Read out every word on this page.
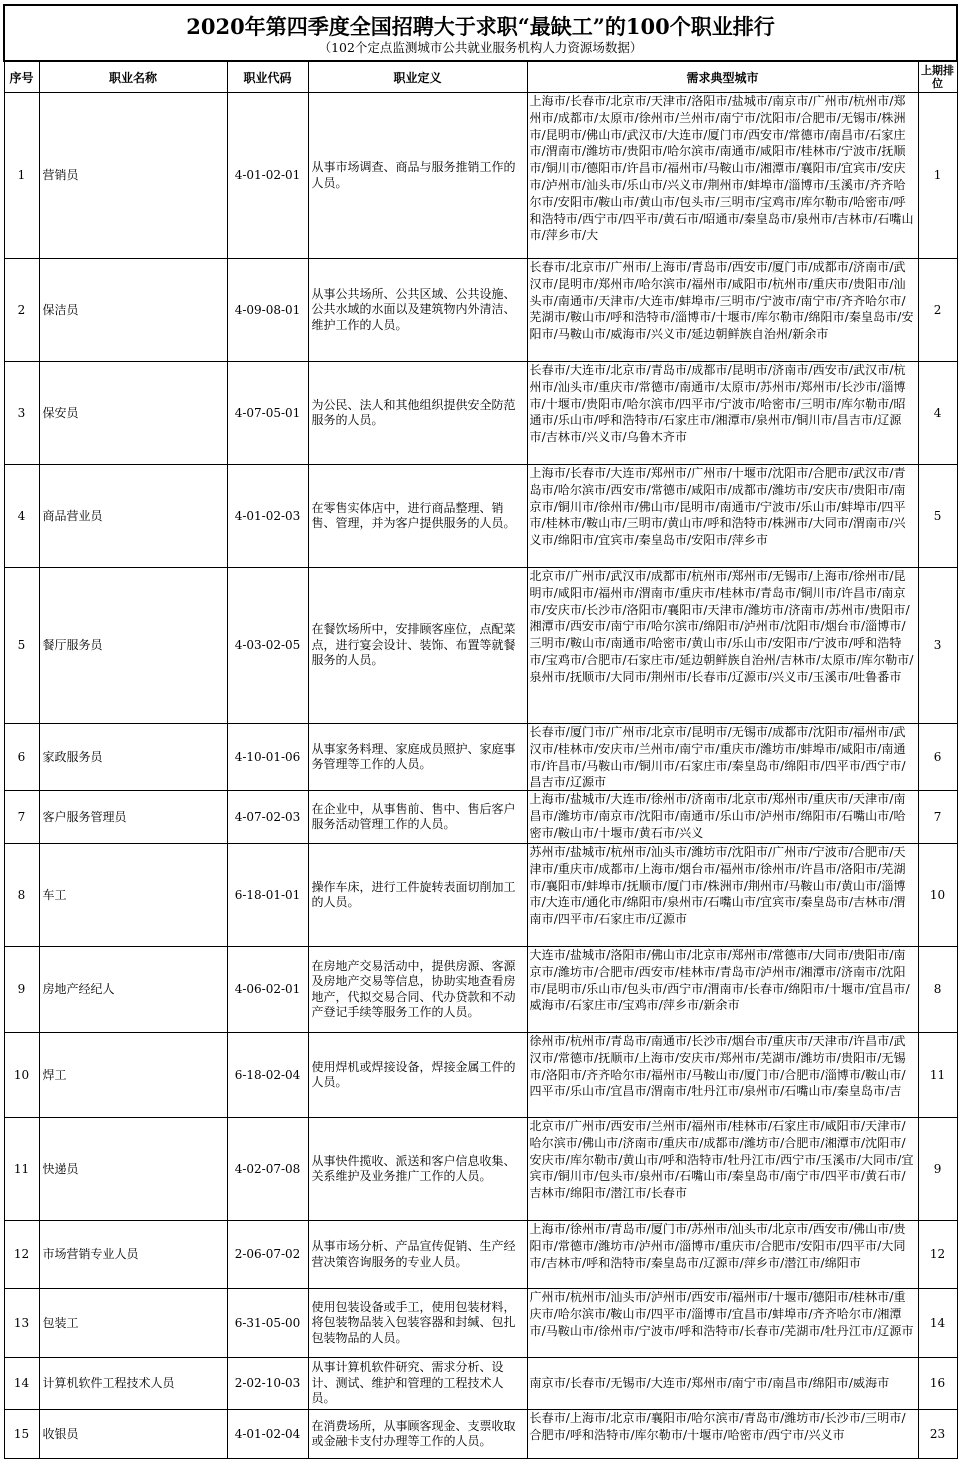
2020年第四季度全国招聘大于求职“最缺工”的100个职业排行
（102个定点监测城市公共就业服务机构人力资源场数据）					

序号	职业名称	职业代码	职业定义	需求典型城市	上期排位
1	营销员	4-01-02-01	从事市场调查、商品与服务推销工作的人员。	上海市/长春市/北京市/天津市/洛阳市/盐城市/南京市/广州市/杭州市/郑州市/成都市/太原市/徐州市/兰州市/南宁市/沈阳市/合肥市/无锡市/株洲市/昆明市/佛山市/武汉市/大连市/厦门市/西安市/常德市/南昌市/石家庄市/渭南市/潍坊市/贵阳市/哈尔滨市/南通市/咸阳市/桂林市/宁波市/抚顺市/铜川市/德阳市/许昌市/福州市/马鞍山市/湘潭市/襄阳市/宜宾市/安庆市/泸州市/汕头市/乐山市/兴义市/荆州市/蚌埠市/淄博市/玉溪市/齐齐哈尔市/安阳市/鞍山市/黄山市/包头市/三明市/宝鸡市/库尔勒市/哈密市/呼和浩特市/西宁市/四平市/黄石市/昭通市/秦皇岛市/泉州市/吉林市/石嘴山市/萍乡市/大	1
2	保洁员	4-09-08-01	从事公共场所、公共区域、公共设施、公共水域的水面以及建筑物内外清洁、维护工作的人员。	长春市/北京市/广州市/上海市/青岛市/西安市/厦门市/成都市/济南市/武汉市/昆明市/郑州市/哈尔滨市/福州市/咸阳市/杭州市/重庆市/贵阳市/汕头市/南通市/天津市/大连市/蚌埠市/三明市/宁波市/南宁市/齐齐哈尔市/芜湖市/鞍山市/呼和浩特市/淄博市/十堰市/库尔勒市/绵阳市/秦皇岛市/安阳市/马鞍山市/威海市/兴义市/延边朝鲜族自治州/新余市	2
3	保安员	4-07-05-01	为公民、法人和其他组织提供安全防范服务的人员。	长春市/大连市/北京市/青岛市/成都市/昆明市/济南市/西安市/武汉市/杭州市/汕头市/重庆市/常德市/南通市/太原市/苏州市/郑州市/长沙市/淄博市/十堰市/贵阳市/哈尔滨市/四平市/宁波市/哈密市/三明市/库尔勒市/昭通市/乐山市/呼和浩特市/石家庄市/湘潭市/泉州市/铜川市/昌吉市/辽源市/吉林市/兴义市/乌鲁木齐市	4
4	商品营业员	4-01-02-03	在零售实体店中，进行商品整理、销售、管理，并为客户提供服务的人员。	上海市/长春市/大连市/郑州市/广州市/十堰市/沈阳市/合肥市/武汉市/青岛市/哈尔滨市/西安市/常德市/咸阳市/成都市/潍坊市/安庆市/贵阳市/南京市/铜川市/徐州市/佛山市/昆明市/南通市/宁波市/乐山市/蚌埠市/四平市/桂林市/鞍山市/三明市/黄山市/呼和浩特市/株洲市/大同市/渭南市/兴义市/绵阳市/宜宾市/秦皇岛市/安阳市/萍乡市	5
5	餐厅服务员	4-03-02-05	在餐饮场所中，安排顾客座位，点配菜点，进行宴会设计、装饰、布置等就餐服务的人员。	北京市/广州市/武汉市/成都市/杭州市/郑州市/无锡市/上海市/徐州市/昆明市/咸阳市/福州市/渭南市/重庆市/桂林市/青岛市/铜川市/许昌市/南京市/安庆市/长沙市/洛阳市/襄阳市/天津市/潍坊市/济南市/苏州市/贵阳市/湘潭市/西安市/南宁市/哈尔滨市/绵阳市/泸州市/沈阳市/烟台市/淄博市/三明市/鞍山市/南通市/哈密市/黄山市/乐山市/安阳市/宁波市/呼和浩特市/宝鸡市/合肥市/石家庄市/延边朝鲜族自治州/吉林市/太原市/库尔勒市/泉州市/抚顺市/大同市/荆州市/长春市/辽源市/兴义市/玉溪市/吐鲁番市	3
6	家政服务员	4-10-01-06	从事家务料理、家庭成员照护、家庭事务管理等工作的人员。	长春市/厦门市/广州市/北京市/昆明市/无锡市/成都市/沈阳市/福州市/武汉市/桂林市/安庆市/兰州市/南宁市/重庆市/潍坊市/蚌埠市/咸阳市/南通市/许昌市/马鞍山市/铜川市/石家庄市/秦皇岛市/绵阳市/四平市/西宁市/昌吉市/辽源市	6
7	客户服务管理员	4-07-02-03	在企业中，从事售前、售中、售后客户服务活动管理工作的人员。	上海市/盐城市/大连市/徐州市/济南市/北京市/郑州市/重庆市/天津市/南昌市/潍坊市/南京市/沈阳市/南通市/乐山市/泸州市/绵阳市/石嘴山市/哈密市/鞍山市/十堰市/黄石市/兴义	7
8	车工	6-18-01-01	操作车床，进行工件旋转表面切削加工的人员。	苏州市/盐城市/杭州市/汕头市/潍坊市/沈阳市/广州市/宁波市/合肥市/天津市/重庆市/成都市/上海市/烟台市/福州市/徐州市/许昌市/洛阳市/芜湖市/襄阳市/蚌埠市/抚顺市/厦门市/株洲市/荆州市/马鞍山市/黄山市/淄博市/大连市/通化市/绵阳市/泉州市/石嘴山市/宜宾市/秦皇岛市/吉林市/渭南市/四平市/石家庄市/辽源市	10
9	房地产经纪人	4-06-02-01	在房地产交易活动中，提供房源、客源及房地产交易等信息，协助实地查看房地产，代拟交易合同、代办贷款和不动产登记手续等服务工作的人员。	大连市/盐城市/洛阳市/佛山市/北京市/郑州市/常德市/大同市/贵阳市/南京市/潍坊市/合肥市/西安市/桂林市/青岛市/泸州市/湘潭市/济南市/沈阳市/昆明市/乐山市/包头市/西宁市/渭南市/长春市/绵阳市/十堰市/宜昌市/威海市/石家庄市/宝鸡市/萍乡市/新余市	8
10	焊工	6-18-02-04	使用焊机或焊接设备，焊接金属工件的人员。	徐州市/杭州市/青岛市/南通市/长沙市/烟台市/重庆市/天津市/许昌市/武汉市/常德市/抚顺市/上海市/安庆市/郑州市/芜湖市/潍坊市/贵阳市/无锡市/洛阳市/齐齐哈尔市/福州市/马鞍山市/厦门市/合肥市/淄博市/鞍山市/四平市/乐山市/宜昌市/渭南市/牡丹江市/泉州市/石嘴山市/秦皇岛市/吉	11
11	快递员	4-02-07-08	从事快件揽收、派送和客户信息收集、关系维护及业务推广工作的人员。	北京市/广州市/西安市/兰州市/福州市/桂林市/石家庄市/咸阳市/天津市/哈尔滨市/佛山市/济南市/重庆市/成都市/潍坊市/合肥市/湘潭市/沈阳市/安庆市/库尔勒市/黄山市/呼和浩特市/牡丹江市/西宁市/玉溪市/大同市/宜宾市/铜川市/包头市/泉州市/石嘴山市/秦皇岛市/南宁市/四平市/黄石市/吉林市/绵阳市/潜江市/长春市	9
12	市场营销专业人员	2-06-07-02	从事市场分析、产品宣传促销、生产经营决策咨询服务的专业人员。	上海市/徐州市/青岛市/厦门市/苏州市/汕头市/北京市/西安市/佛山市/贵阳市/常德市/潍坊市/泸州市/淄博市/重庆市/合肥市/安阳市/四平市/大同市/吉林市/呼和浩特市/秦皇岛市/辽源市/萍乡市/潜江市/绵阳市	12
13	包装工	6-31-05-00	使用包装设备或手工，使用包装材料，将包装物品装入包装容器和封缄、包扎包装物品的人员。	广州市/杭州市/汕头市/泸州市/西安市/福州市/十堰市/德阳市/桂林市/重庆市/哈尔滨市/鞍山市/四平市/淄博市/宜昌市/蚌埠市/齐齐哈尔市/湘潭市/马鞍山市/徐州市/宁波市/呼和浩特市/长春市/芜湖市/牡丹江市/辽源市	14
14	计算机软件工程技术人员	2-02-10-03	从事计算机软件研究、需求分析、设计、测试、维护和管理的工程技术人员。	南京市/长春市/无锡市/大连市/郑州市/南宁市/南昌市/绵阳市/威海市	16
15	收银员	4-01-02-04	在消费场所，从事顾客现金、支票收取或金融卡支付办理等工作的人员。	长春市/上海市/北京市/襄阳市/哈尔滨市/青岛市/潍坊市/长沙市/三明市/合肥市/呼和浩特市/库尔勒市/十堰市/哈密市/西宁市/兴义市	23
